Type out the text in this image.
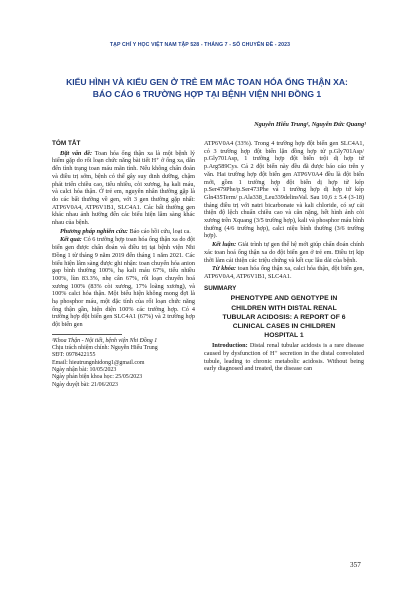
TẠP CHÍ Y HỌC VIỆT NAM TẬP 528 - THÁNG 7 - SỐ CHUYÊN ĐỀ - 2023
KIỂU HÌNH VÀ KIỂU GEN Ở TRẺ EM MẮC TOAN HÓA ỐNG THẬN XA:
BÁO CÁO 6 TRƯỜNG HỢP TẠI BỆNH VIỆN NHI ĐỒNG 1
Nguyễn Hiếu Trung¹, Nguyễn Đức Quang¹
TÓM TẮT

Đặt vấn đề: Toan hóa ống thận xa là một bệnh lý hiếm gặp do rối loạn chức năng bài tiết H⁺ ở ống xa, dẫn đến tình trạng toan máu mãn tính. Nếu không chẩn đoán và điều trị sớm, bệnh có thể gây suy dinh dưỡng, chậm phát triển chiều cao, tiểu nhiều, còi xương, hạ kali máu, và calci hóa thận. Ở trẻ em, nguyên nhân thường gặp là do các bất thường về gen, với 3 gen thường gặp nhất: ATP6V0A4, ATP6V1B1, SLC4A1. Các bất thường gen khác nhau ảnh hưởng đến các biểu hiện lâm sàng khác nhau của bệnh.

Phương pháp nghiên cứu: Báo cáo hồi cứu, loạt ca.

Kết quả: Có 6 trường hợp toan hóa ống thận xa do đột biến gen được chẩn đoán và điều trị tại bệnh viện Nhi Đồng 1 từ tháng 9 năm 2019 đến tháng 1 năm 2021. Các biểu hiện lâm sàng được ghi nhận: toan chuyển hóa anion gap bình thường 100%, hạ kali máu 67%, tiểu nhiều 100%, lùn 83.3%, nhẹ cân 67%, rối loạn chuyển hoá xương 100% (83% còi xương, 17% loãng xương), và 100% calci hóa thận. Một biểu hiện không mong đợi là hạ phosphor máu, một đặc tính của rối loạn chức năng ống thận gần, hiện diện 100% các trường hợp. Có 4 trường hợp đột biến gen SLC4A1 (67%) và 2 trường hợp đột biến gen

¹Khoa Thận - Nội tiết, bệnh viện Nhi Đồng 1

Chịu trách nhiệm chính: Nguyễn Hiếu Trung

SĐT: 0978422155

Email: hieutrungnhidong1@gmail.com

Ngày nhận bài: 10/05/2023

Ngày phản biện khoa học: 25/05/2023

Ngày duyệt bài: 21/06/2023

ATP6V0A4 (33%). Trong 4 trường hợp đột biến gen SLC4A1, có 3 trường hợp đột biến lặn đồng hợp tử p.Gly701Asp/ p.Gly701Asp, 1 trường hợp đột biến trội dị hợp tử p.Arg589Cys. Cả 2 đột biến này đều đã được báo cáo trên y văn. Hai trường hợp đột biến gen ATP6V0A4 đều là đột biến mới, gồm 1 trường hợp đột biến dị hợp tử kép p.Ser479Phe/p.Ser473Phe và 1 trường hợp dị hợp tử kép Gln435Term/ p.Ala338_Leu339delinsVal. Sau 10,6 ± 5.4 (3-18) tháng điều trị với natri bicarbonate và kali chloride, có sự cải thiện độ lệch chuẩn chiều cao và cân nặng, hết hình ảnh còi xương trên Xquang (3/5 trường hợp), kali và phosphor máu bình thường (4/6 trường hợp), calci niệu bình thường (3/6 trường hợp).

Kết luận: Giải trình tự gen thế hệ mới giúp chẩn đoán chính xác toan hoá ống thận xa do đột biến gen ở trẻ em. Điều trị kịp thời làm cải thiện các triệu chứng và kết cục lâu dài của bệnh.

Từ khóa: toan hóa ống thận xa, calci hóa thận, đột biến gen, ATP6V0A4, ATP6V1B1, SLC4A1.

SUMMARY
PHENOTYPE AND GENOTYPE IN
CHILDREN WITH DISTAL RENAL
TUBULAR ACIDOSIS: A REPORT OF 6
CLINICAL CASES IN CHILDREN
HOSPITAL 1

Introduction: Distal renal tubular acidosis is a rare disease caused by dysfunction of H⁺ secretion in the distal convoluted tubule, leading to chronic metabolic acidosis. Without being early diagnosed and treated, the disease can

357
